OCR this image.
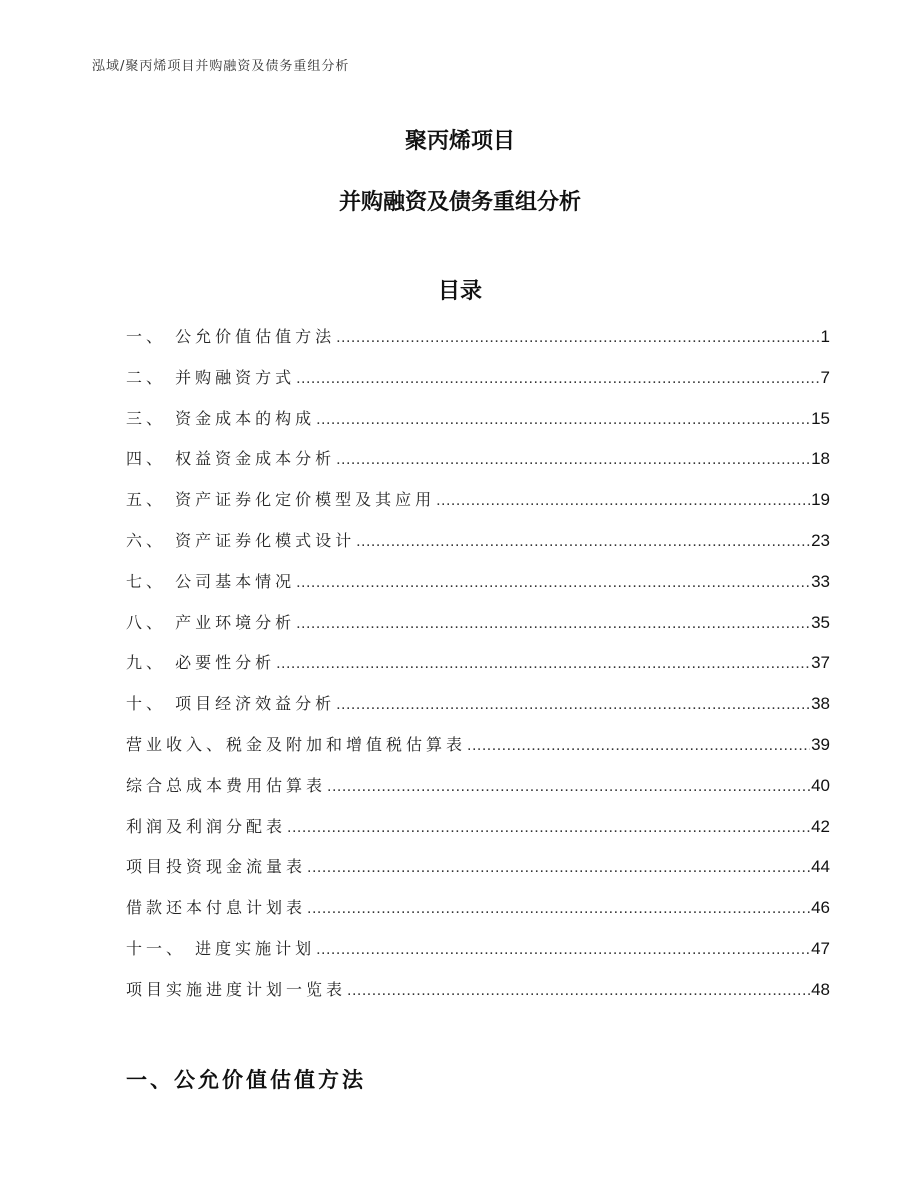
泓域/聚丙烯项目并购融资及债务重组分析
聚丙烯项目
并购融资及债务重组分析
目录
一、 公允价值估值方法 .....	1
二、 并购融资方式 .....	7
三、 资金成本的构成 .....	15
四、 权益资金成本分析 .....	18
五、 资产证券化定价模型及其应用 .....	19
六、 资产证券化模式设计 .....	23
七、 公司基本情况 .....	33
八、 产业环境分析 .....	35
九、 必要性分析 .....	37
十、 项目经济效益分析 .....	38
营业收入、税金及附加和增值税估算表 .....	39
综合总成本费用估算表 .....	40
利润及利润分配表 .....	42
项目投资现金流量表 .....	44
借款还本付息计划表 .....	46
十一、 进度实施计划 .....	47
项目实施进度计划一览表 .....	48
一、公允价值估值方法
